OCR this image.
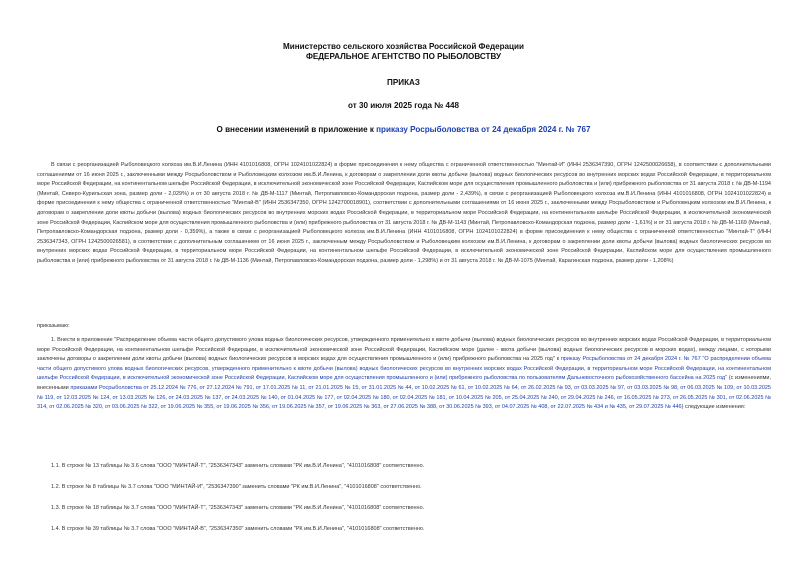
Министерство сельского хозяйства Российской Федерации
ФЕДЕРАЛЬНОЕ АГЕНТСТВО ПО РЫБОЛОВСТВУ
ПРИКАЗ
от 30 июля 2025 года № 448
О внесении изменений в приложение к приказу Росрыболовства от 24 декабря 2024 г. № 767

В связи с реорганизацией Рыболовецкого колхоза им.В.И.Ленина (ИНН 4101016808, ОГРН 1024101022824) в форме присоединения к нему общества с ограниченной ответственностью "Минтай-И" (ИНН 2536347390, ОГРН 1242500026658), в соответствии с дополнительными соглашениями от 16 июня 2025 г., заключенными между Росрыболовством и Рыболовецким колхозом им.В.И.Ленина, к договорам о закреплении доли квоты добычи (вылова) водных биологических ресурсов во внутренних морских водах Российской Федерации, в территориальном море Российской Федерации, на континентальном шельфе Российской Федерации, в исключительной экономической зоне Российской Федерации, Каспийском море для осуществления промышленного рыболовства и (или) прибрежного рыболовства от 31 августа 2018 г. № ДВ-М-1194 (Минтай, Северо-Курильская зона, размер доли - 2,029%) и от 30 августа 2018 г. № ДВ-М-1117 (Минтай, Петропавловско-Командорская подзона, размер доли - 2,439%), в связи с реорганизацией Рыболовецкого колхоза им.В.И.Ленина (ИНН 4101016808, ОГРН 1024101022824) в форме присоединения к нему общества с ограниченной ответственностью "Минтай-В" (ИНН 2536347350, ОГРН 1242700018901), соответствии с дополнительными соглашениями от 16 июня 2025 г., заключенными между Росрыболовством и Рыболовецким колхозом им.В.И.Ленина, к договорам о закреплении доли квоты добычи (вылова) водных биологических ресурсов во внутренних морских водах Российской Федерации, в территориальном море Российской Федерации, на континентальном шельфе Российской Федерации, в исключительной экономической зоне Российской Федерации, Каспийском море для осуществления промышленного рыболовства и (или) прибрежного рыболовства от 31 августа 2018 г. № ДВ-М-1143 (Минтай, Петропавловско-Командорская подзона, размер доли - 1,61%) и от 31 августа 2018 г. № ДВ-М-1169 (Минтай, Петропавловско-Командорская подзона, размер доли - 0,359%), а также в связи с реорганизацией Рыболовецкого колхоза им.В.И.Ленина (ИНН 4101016808, ОГРН 1024101022824) в форме присоединения к нему общества с ограниченной ответственностью "Минтай-Т" (ИНН 2536347343, ОГРН 1242500026581), в соответствии с дополнительным соглашением от 16 июня 2025 г., заключенным между Росрыболовством и Рыболовецким колхозом им.В.И.Ленина, к договорам о закреплении доли квоты добычи (вылова) водных биологических ресурсов во внутренних морских водах Российской Федерации, в территориальном море Российской Федерации, на континентальном шельфе Российской Федерации, в исключительной экономической зоне Российской Федерации, Каспийском море для осуществления промышленного рыболовства и (или) прибрежного рыболовства от 31 августа 2018 г. № ДВ-М-1136 (Минтай, Петропавловско-Командорская подзона, размер доли - 1,298%) и от 31 августа 2018 г. № ДВ-М-1075 (Минтай, Карагинская подзона, размер доли - 1,208%)

приказываю:

1. Внести в приложение "Распределение объема части общего допустимого улова водных биологических ресурсов, утвержденного применительно к квоте добычи (вылова) водных биологических ресурсов во внутренних морских водах Российской Федерации, в территориальном море Российской Федерации, на континентальном шельфе Российской Федерации, в исключительной экономической зоне Российской Федерации, Каспийском море (далее - квота добычи (вылова) водных биологических ресурсов в морских водах), между лицами, с которыми заключены договоры о закреплении доли квоты добычи (вылова) водных биологических ресурсов в морских водах для осуществления промышленного и (или) прибрежного рыболовства на 2025 год" к приказу Росрыболовства от 24 декабря 2024 г. № 767 "О распределении объема части общего допустимого улова водных биологических ресурсов, утвержденного применительно к квоте добычи (вылова) водных биологических ресурсов во внутренних морских водах Российской Федерации, в территориальном море Российской Федерации, на континентальном шельфе Российской Федерации, в исключительной экономической зоне Российской Федерации, Каспийском море для осуществления промышленного и (или) прибрежного рыболовства по пользователям Дальневосточного рыбохозяйственного бассейна на 2025 год" (с изменениями, внесенными приказами Росрыболовства от 25.12.2024 № 776, от 27.12.2024 № 791, от 17.01.2025 № 11, от 21.01.2025 № 15, от 31.01.2025 № 44, от 10.02.2025 № 61, от 10.02.2025 № 64, от 26.02.2025 № 93, от 03.03.2025 № 97, от 03.03.2025 № 98, от 06.03.2025 № 109, от 10.03.2025 № 119, от 12.03.2025 № 124, от 13.03.2025 № 126, от 24.03.2025 № 137, от 24.03.2025 № 140, от 01.04.2025 № 177, от 02.04.2025 № 180, от 02.04.2025 № 181, от 10.04.2025 № 205, от 25.04.2025 № 240, от 29.04.2025 № 246, от 16.05.2025 № 273, от 26.05.2025 № 301, от 02.06.2025 № 314, от 02.06.2025 № 320, от 03.06.2025 № 322, от 19.06.2025 № 355, от 19.06.2025 № 356, от 19.06.2025 № 357, от 19.06.2025 № 363, от 27.06.2025 № 388, от 30.06.2025 № 393, от 04.07.2025 № 408, от 22.07.2025 № 434 и № 435, от 29.07.2025 № 446) следующие изменения:

1.1. В строке № 13 таблицы № 3.6 слова "ООО "МИНТАЙ-Т", "2536347343" заменить словами "РК им.В.И.Ленина", "4101016808" соответственно.
1.2. В строке № 8 таблицы № 3.7 слова "ООО "МИНТАЙ-И", "2536347390" заменить словами "РК им.В.И.Ленина", "4101016808" соответственно.
1.3. В строке № 18 таблицы № 3.7 слова "ООО "МИНТАЙ-Т", "2536347343" заменить словами "РК им.В.И.Ленина", "4101016808" соответственно.
1.4. В строке № 39 таблицы № 3.7 слова "ООО "МИНТАЙ-В", "2536347350" заменить словами "РК им.В.И.Ленина", "4101016808" соответственно.
